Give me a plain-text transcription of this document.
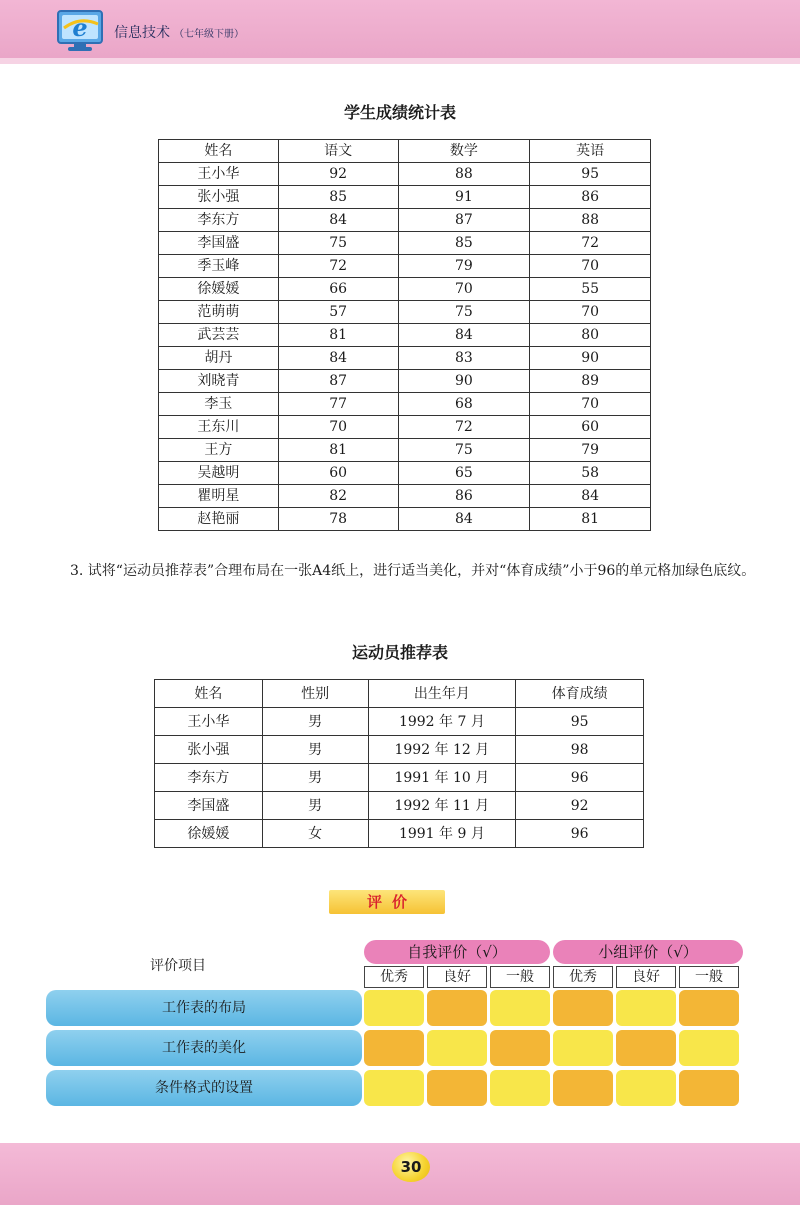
e 信息技术 （七年级下册）
学生成绩统计表
姓名	语文	数学	英语
王小华	92	88	95
张小强	85	91	86
李东方	84	87	88
李国盛	75	85	72
季玉峰	72	79	70
徐媛媛	66	70	55
范萌萌	57	75	70
武芸芸	81	84	80
胡丹	84	83	90
刘晓青	87	90	89
李玉	77	68	70
王东川	70	72	60
王方	81	75	79
吴越明	60	65	58
瞿明星	82	86	84
赵艳丽	78	84	81
3. 试将“运动员推荐表”合理布局在一张A4纸上，进行适当美化，并对“体育成绩”小于96的单元格加绿色底纹。
运动员推荐表
姓名	性别	出生年月	体育成绩
王小华	男	1992 年 7 月	95
张小强	男	1992 年 12 月	98
李东方	男	1991 年 10 月	96
李国盛	男	1992 年 11 月	92
徐媛媛	女	1991 年 9 月	96
评价
评价项目
自我评价（√）	小组评价（√）
优秀	良好	一般	优秀	良好	一般
工作表的布局
工作表的美化
条件格式的设置
30
